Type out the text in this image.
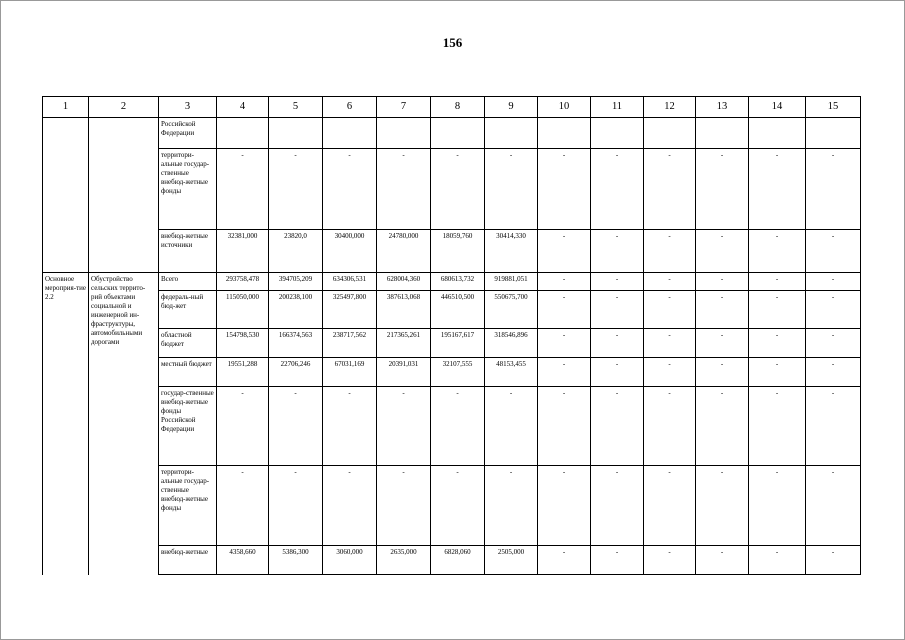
156
1	2	3	4	5	6	7	8	9	10	11	12	13	14	15
		Российской Федерации												
		территори-альные государ-ственные внебюд-жетные фонды	-	-	-	-	-	-	-	-	-	-	-	-
		внебюд-жетные источники	32381,000	23820,0	30400,000	24780,000	18059,760	30414,330	-	-	-	-	-	-
Основное мероприя-тие 2.2	Обустройство сельских террито-рий объектами социальной и инженерной ин-фраструктуры, автомобильными дорогами	Всего	293758,478	394705,209	634306,531	628004,360	680613,732	919881,051	-	-	-	-	-	-
		федераль-ный бюд-жет	115050,000	200238,100	325497,800	387613,068	446510,500	550675,700	-	-	-	-	-	-
		областной бюджет	154798,530	166374,563	238717,562	217365,261	195167,617	318546,896	-	-	-	-	-	-
		местный бюджет	19551,288	22706,246	67031,169	20391,031	32107,555	48153,455	-	-	-	-	-	-
		государ-ственные внебюд-жетные фонды Российской Федерации	-	-	-	-	-	-	-	-	-	-	-	-
		территори-альные государ-ственные внебюд-жетные фонды	-	-	-	-	-	-	-	-	-	-	-	-
		внебюд-жетные	4358,660	5386,300	3060,000	2635,000	6828,060	2505,000	-	-	-	-	-	-
